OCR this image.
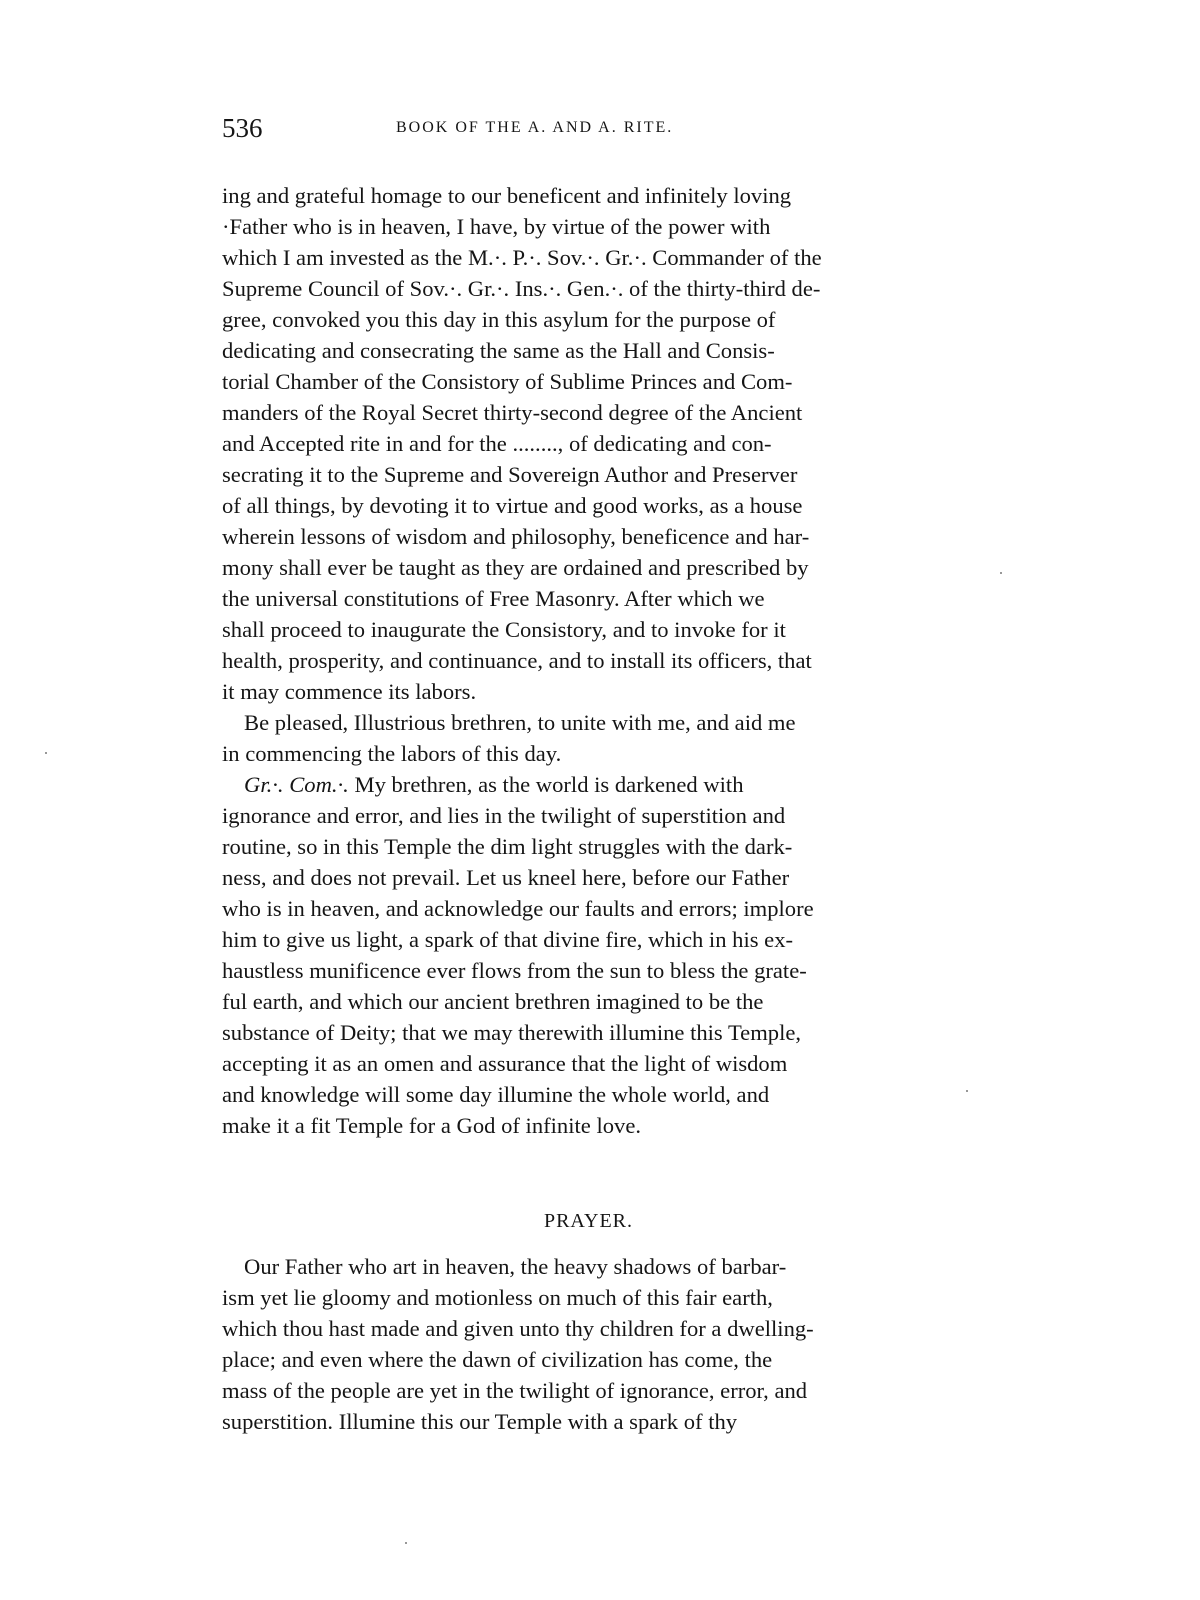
536	BOOK OF THE A. AND A. RITE.
ing and grateful homage to our beneficent and infinitely loving
·Father who is in heaven, I have, by virtue of the power with
which I am invested as the M.·. P.·. Sov.·. Gr.·. Commander of the
Supreme Council of Sov.·. Gr.·. Ins.·. Gen.·. of the thirty-third de-
gree, convoked you this day in this asylum for the purpose of
dedicating and consecrating the same as the Hall and Consis-
torial Chamber of the Consistory of Sublime Princes and Com-
manders of the Royal Secret thirty-second degree of the Ancient
and Accepted rite in and for the ........, of dedicating and con-
secrating it to the Supreme and Sovereign Author and Preserver
of all things, by devoting it to virtue and good works, as a house
wherein lessons of wisdom and philosophy, beneficence and har-
mony shall ever be taught as they are ordained and prescribed by
the universal constitutions of Free Masonry. After which we
shall proceed to inaugurate the Consistory, and to invoke for it
health, prosperity, and continuance, and to install its officers, that
it may commence its labors.
Be pleased, Illustrious brethren, to unite with me, and aid me
in commencing the labors of this day.
Gr.·. Com.·. My brethren, as the world is darkened with
ignorance and error, and lies in the twilight of superstition and
routine, so in this Temple the dim light struggles with the dark-
ness, and does not prevail. Let us kneel here, before our Father
who is in heaven, and acknowledge our faults and errors; implore
him to give us light, a spark of that divine fire, which in his ex-
haustless munificence ever flows from the sun to bless the grate-
ful earth, and which our ancient brethren imagined to be the
substance of Deity; that we may therewith illumine this Temple,
accepting it as an omen and assurance that the light of wisdom
and knowledge will some day illumine the whole world, and
make it a fit Temple for a God of infinite love.
PRAYER.
Our Father who art in heaven, the heavy shadows of barbar-
ism yet lie gloomy and motionless on much of this fair earth,
which thou hast made and given unto thy children for a dwelling-
place; and even where the dawn of civilization has come, the
mass of the people are yet in the twilight of ignorance, error, and
superstition. Illumine this our Temple with a spark of thy
